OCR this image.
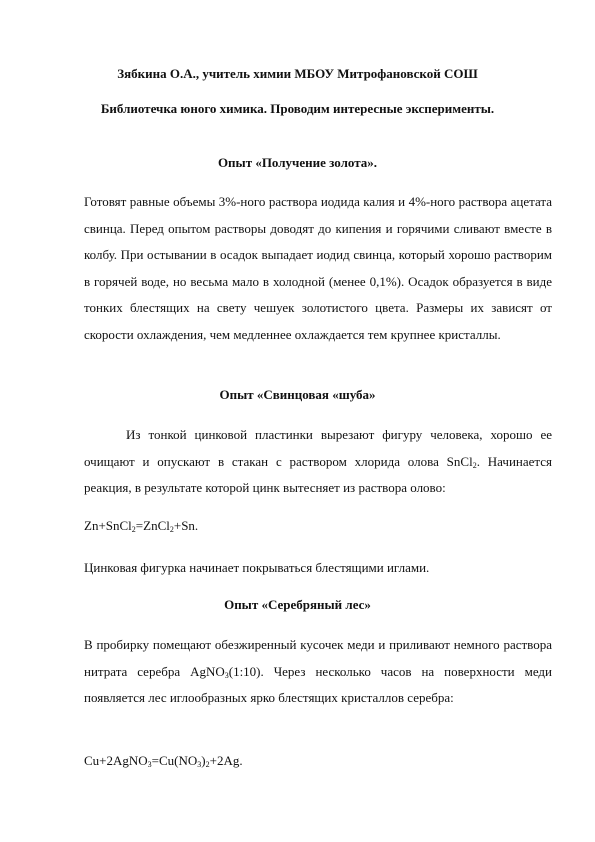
Зябкина О.А., учитель химии МБОУ Митрофановской СОШ
Библиотечка юного химика. Проводим интересные эксперименты.
Опыт «Получение золота».
Готовят равные объемы 3%-ного раствора иодида калия и 4%-ного раствора ацетата свинца. Перед опытом растворы доводят до кипения и горячими сливают вместе в колбу. При остывании в осадок выпадает иодид свинца, который хорошо растворим в горячей воде, но весьма мало в холодной (менее 0,1%). Осадок образуется в виде тонких блестящих на свету чешуек золотистого цвета. Размеры их зависят от скорости охлаждения, чем медленнее охлаждается тем крупнее кристаллы.
Опыт «Свинцовая «шуба»
Из тонкой цинковой пластинки вырезают фигуру человека, хорошо ее очищают и опускают в стакан с раствором хлорида олова SnCl$_2$. Начинается реакция, в результате которой цинк вытесняет из раствора олово:
Zn+SnCl$_2$=ZnCl$_2$+Sn.
Цинковая фигурка начинает покрываться блестящими иглами.
Опыт «Серебряный лес»
В пробирку помещают обезжиренный кусочек меди и приливают немного раствора нитрата серебра AgNO$_3$(1:10). Через несколько часов на поверхности меди появляется лес иглообразных ярко блестящих кристаллов серебра:
$Cu+2AgNO_3=Cu(NO_3)_2+2Ag$.
